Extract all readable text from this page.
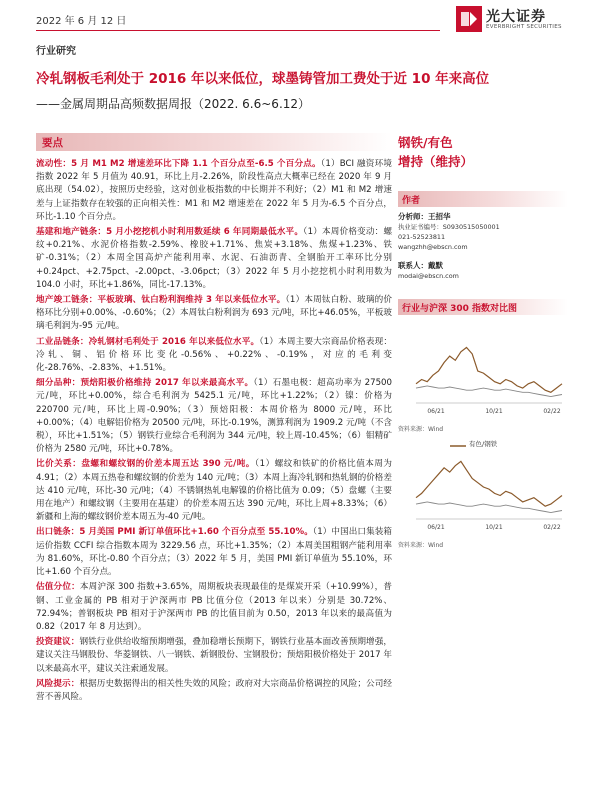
2022 年 6 月 12 日	光大证券
EVERBRIGHT SECURITIES
行业研究
冷轧钢板毛利处于 2016 年以来低位，球墨铸管加工费处于近 10 年来高位
——金属周期品高频数据周报（2022. 6.6~6.12）
要点

流动性：5 月 M1 M2 增速差环比下降 1.1 个百分点至-6.5 个百分点。（1）BCI 融资环境指数 2022 年 5 月值为 40.91，环比上月-2.26%，阶段性高点大概率已经在 2020 年 9 月底出现（54.02），按照历史经验，这对创业板指数的中长期并不利好；（2）M1 和 M2 增速差与上证指数存在较强的正向相关性：M1 和 M2 增速差在 2022 年 5 月为-6.5 个百分点，环比-1.10 个百分点。

基建和地产链条：5 月小挖挖机小时利用数延续 6 年同期最低水平。（1）本周价格变动：螺纹+0.21%、水泥价格指数-2.59%、橡胶+1.71%、焦炭+3.18%、焦煤+1.23%、铁矿-0.31%；（2）本周全国高炉产能利用率、水泥、石油沥青、全钢胎开工率环比分别+0.24pct、+2.75pct、-2.00pct、-3.06pct；（3）2022 年 5 月小挖挖机小时利用数为 104.0 小时，环比+1.86%，同比-17.13%。

地产竣工链条：平板玻璃、钛白粉利润维持 3 年以来低位水平。（1）本周钛白粉、玻璃的价格环比分别+0.00%、-0.60%；（2）本周钛白粉利润为 693 元/吨，环比+46.05%，平板玻璃毛利润为-95 元/吨。

工业品链条：冷轧钢材毛利处于 2016 年以来低位水平。（1）本周主要大宗商品价格表现：冷轧、铜、铝价格环比变化-0.56%、+0.22%、-0.19%，对应的毛利变化-28.76%、-2.83%、+1.51%。

细分品种：预焙阳极价格维持 2017 年以来最高水平。（1）石墨电极：超高功率为 27500 元/吨，环比+0.00%，综合毛利润为 5425.1 元/吨，环比+1.22%；（2）镍：价格为 220700 元/吨，环比上周-0.90%；（3）预焙阳极：本周价格为 8000 元/吨，环比+0.00%；（4）电解铝价格为 20500 元/吨，环比-0.19%，测算利润为 1909.2 元/吨（不含税），环比+1.51%；（5）钢铁行业综合毛利润为 344 元/吨，较上周-10.45%；（6）钼精矿价格为 2580 元/吨，环比+0.78%。

比价关系：盘螺和螺纹钢的价差本周五达 390 元/吨。（1）螺纹和铁矿的价格比值本周为 4.91；（2）本周五热卷和螺纹钢的价差为 140 元/吨；（3）本周上海冷轧钢和热轧钢的价格差达 410 元/吨，环比-30 元/吨；（4）不锈钢热轧电解镍的价格比值为 0.09；（5）盘螺（主要用在地产）和螺纹钢（主要用在基建）的价差本周五达 390 元/吨，环比上周+8.33%；（6）新疆和上海的螺纹钢价差本周五为-40 元/吨。

出口链条：5 月美国 PMI 新订单值环比+1.60 个百分点至 55.10%。（1）中国出口集装箱运价指数 CCFI 综合指数本周为 3229.56 点，环比+1.35%；（2）本周美国粗钢产能利用率为 81.60%，环比-0.80 个百分点；（3）2022 年 5 月，美国 PMI 新订单值为 55.10%，环比+1.60 个百分点。

估值分位：本周沪深 300 指数+3.65%，周期板块表现最佳的是煤炭开采（+10.99%），普钢、工业金属的 PB 相对于沪深两市 PB 比值分位（2013 年以来）分别是 30.72%、72.94%；普钢板块 PB 相对于沪深两市 PB 的比值目前为 0.50，2013 年以来的最高值为 0.82（2017 年 8 月达到）。

投资建议：钢铁行业供给收缩预期增强，叠加稳增长预期下，钢铁行业基本面改善预期增强，建议关注马钢股份、华菱钢铁、八一钢铁、新钢股份、宝钢股份；预焙阳极价格处于 2017 年以来最高水平，建议关注索通发展。

风险提示：根据历史数据得出的相关性失效的风险；政府对大宗商品价格调控的风险；公司经营不善风险。

钢铁/有色
增持（维持）
作者
分析师：王招华
执业证书编号：S0930515050001
021-52523811
wangzhh@ebscn.com
联系人：戴默
modai@ebscn.com
行业与沪深 300 指数对比图
06/21	10/21	02/22
资料来源：Wind
06/21	10/21	02/22
资料来源：Wind
有色/钢铁
